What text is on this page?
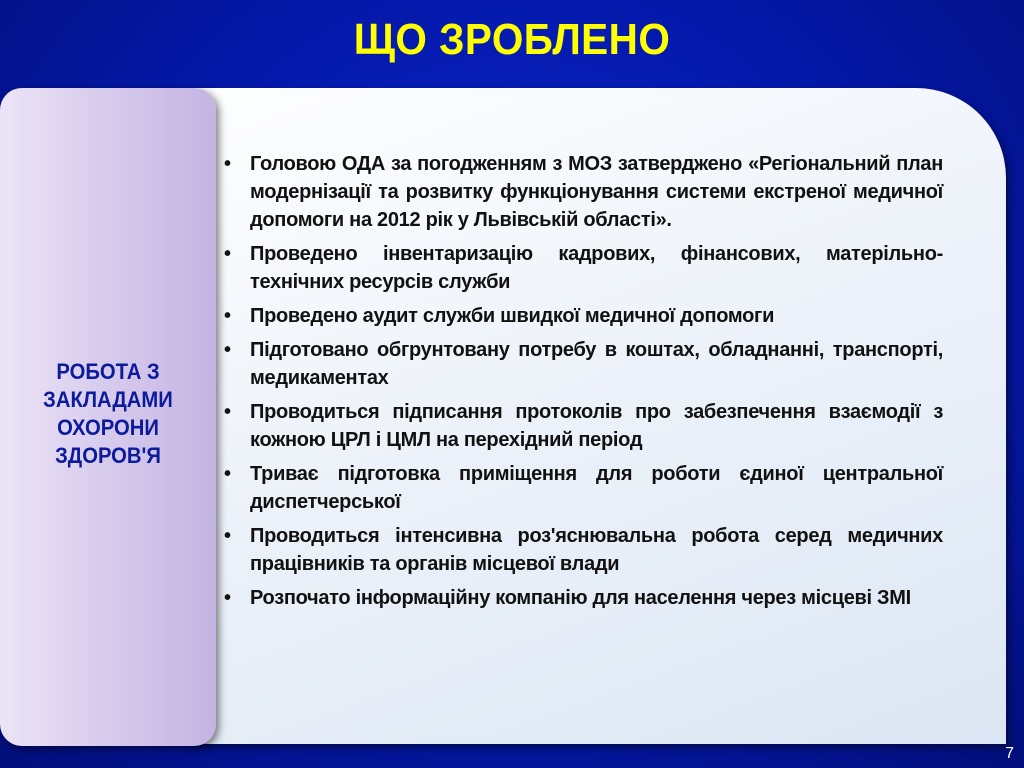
ЩО ЗРОБЛЕНО
РОБОТА З ЗАКЛАДАМИ ОХОРОНИ ЗДОРОВ'Я
• Головою ОДА за погодженням з МОЗ затверджено «Регіональний план модернізації та розвитку функціонування системи екстреної медичної допомоги на 2012 рік у Львівській області».
• Проведено інвентаризацію кадрових, фінансових, матерільно-технічних ресурсів служби
• Проведено аудит служби швидкої медичної допомоги
• Підготовано обгрунтовану потребу в коштах, обладнанні, транспорті, медикаментах
• Проводиться підписання протоколів про забезпечення взаємодії з кожною ЦРЛ і ЦМЛ на перехідний період
• Триває підготовка приміщення для роботи єдиної центральної диспетчерської
• Проводиться інтенсивна роз'яснювальна робота серед медичних працівників та органів місцевої влади
• Розпочато інформаційну компанію для населення через місцеві ЗМІ
7
